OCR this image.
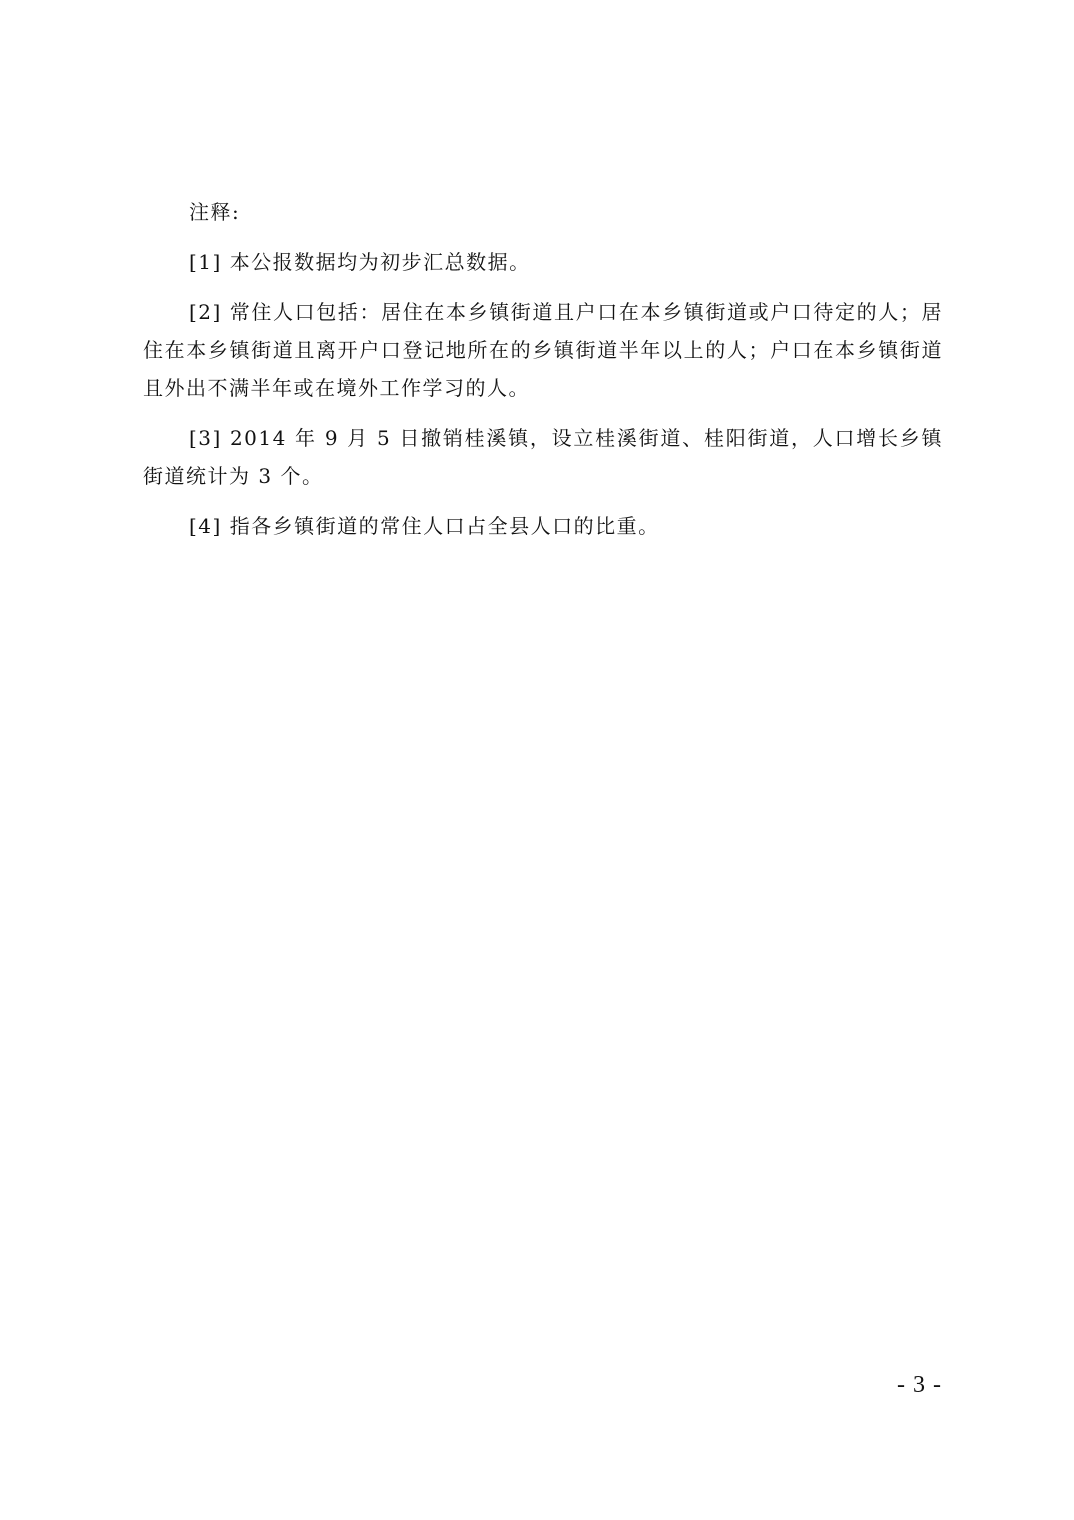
注释:

[1] 本公报数据均为初步汇总数据。

[2] 常住人口包括：居住在本乡镇街道且户口在本乡镇街道或户口待定的人；居住在本乡镇街道且离开户口登记地所在的乡镇街道半年以上的人；户口在本乡镇街道且外出不满半年或在境外工作学习的人。

[3] 2014 年 9 月 5 日撤销桂溪镇，设立桂溪街道、桂阳街道，人口增长乡镇街道统计为 3 个。

[4] 指各乡镇街道的常住人口占全县人口的比重。

- 3 -
